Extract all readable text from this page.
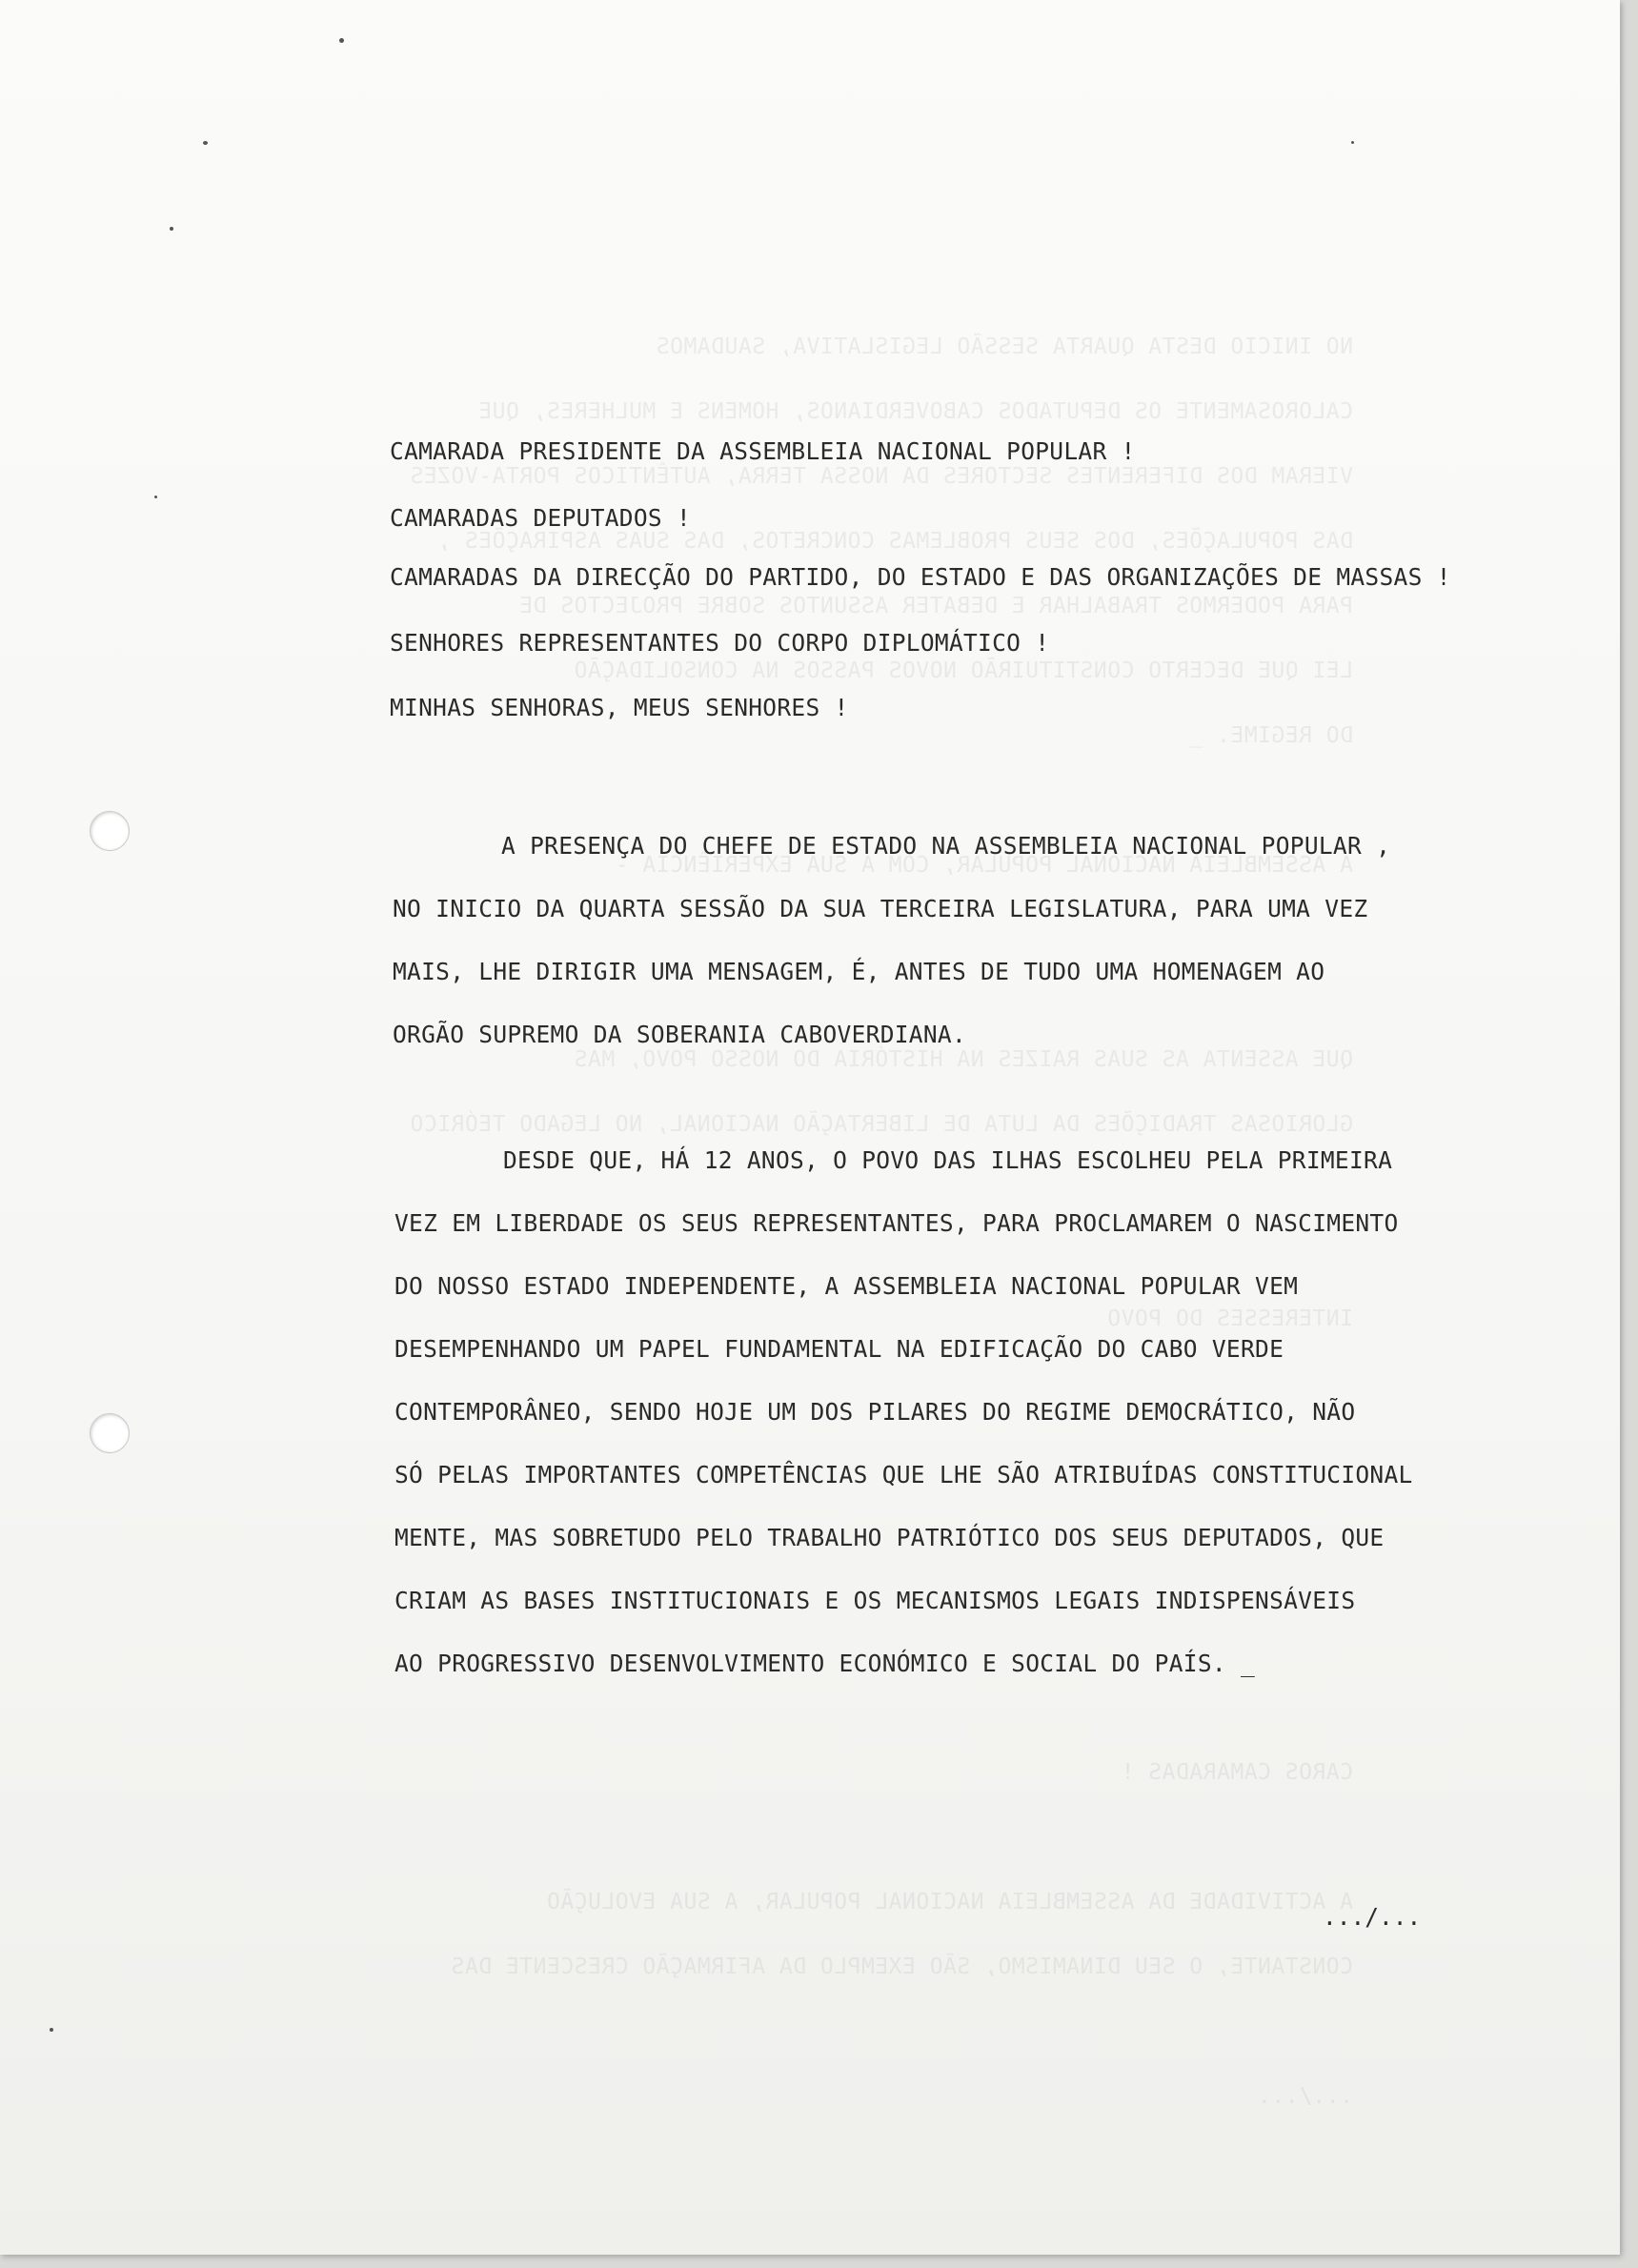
NO INICIO DESTA QUARTA SESSÃO LEGISLATIVA, SAUDAMOS
CALOROSAMENTE OS DEPUTADOS CABOVERDIANOS, HOMENS E MULHERES, QUE
VIERAM DOS DIFERENTES SECTORES DA NOSSA TERRA, AUTÊNTICOS PORTA-VOZES
DAS POPULAÇÕES, DOS SEUS PROBLEMAS CONCRETOS, DAS SUAS ASPIRAÇÕES ,
PARA PODERMOS TRABALHAR E DEBATER ASSUNTOS SOBRE PROJECTOS DE
LEI QUE DECERTO CONSTITUIRÃO NOVOS PASSOS NA CONSOLIDAÇÃO
DO REGIME. _
A ASSEMBLEIA NACIONAL POPULAR, COM A SUA EXPERIÊNCIA -
QUE ASSENTA AS SUAS RAIZES NA HISTÓRIA DO NOSSO POVO, MAS
GLORIOSAS TRADIÇÕES DA LUTA DE LIBERTAÇÃO NACIONAL, NO LEGADO TEÓRICO
INTERESSES DO POVO
CAROS CAMARADAS !
A ACTIVIDADE DA ASSEMBLEIA NACIONAL POPULAR, A SUA EVOLUÇÃO
CONSTANTE, O SEU DINAMISMO, SÃO EXEMPLO DA AFIRMAÇÃO CRESCENTE DAS
.../...
CAMARADA PRESIDENTE DA ASSEMBLEIA NACIONAL POPULAR !
CAMARADAS DEPUTADOS !
CAMARADAS DA DIRECÇÃO DO PARTIDO, DO ESTADO E DAS ORGANIZAÇÕES DE MASSAS !
SENHORES REPRESENTANTES DO CORPO DIPLOMÁTICO !
MINHAS SENHORAS, MEUS SENHORES !
A PRESENÇA DO CHEFE DE ESTADO NA ASSEMBLEIA NACIONAL POPULAR ,
NO INICIO DA QUARTA SESSÃO DA SUA TERCEIRA LEGISLATURA, PARA UMA VEZ
MAIS, LHE DIRIGIR UMA MENSAGEM, É, ANTES DE TUDO UMA HOMENAGEM AO
ORGÃO SUPREMO DA SOBERANIA CABOVERDIANA.
DESDE QUE, HÁ 12 ANOS, O POVO DAS ILHAS ESCOLHEU PELA PRIMEIRA
VEZ EM LIBERDADE OS SEUS REPRESENTANTES, PARA PROCLAMAREM O NASCIMENTO
DO NOSSO ESTADO INDEPENDENTE, A ASSEMBLEIA NACIONAL POPULAR VEM
DESEMPENHANDO UM PAPEL FUNDAMENTAL NA EDIFICAÇÃO DO CABO VERDE
CONTEMPORÂNEO, SENDO HOJE UM DOS PILARES DO REGIME DEMOCRÁTICO, NÃO
SÓ PELAS IMPORTANTES COMPETÊNCIAS QUE LHE SÃO ATRIBUÍDAS CONSTITUCIONAL
MENTE, MAS SOBRETUDO PELO TRABALHO PATRIÓTICO DOS SEUS DEPUTADOS, QUE
CRIAM AS BASES INSTITUCIONAIS E OS MECANISMOS LEGAIS INDISPENSÁVEIS
AO PROGRESSIVO DESENVOLVIMENTO ECONÓMICO E SOCIAL DO PAÍS. _
.../...
